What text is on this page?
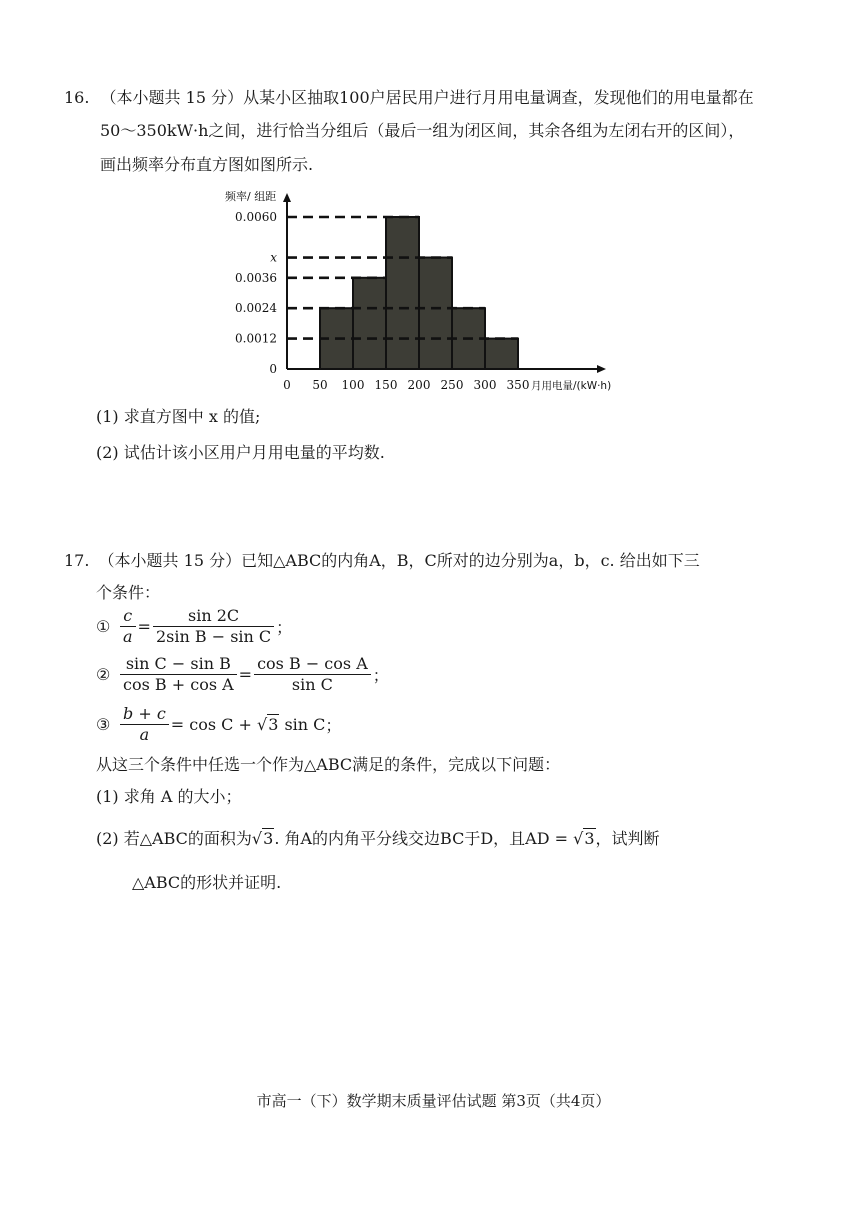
16. （本小题共 15 分）从某小区抽取100户居民用户进行月用电量调查，发现他们的用电量都在
50～350kW·h之间，进行恰当分组后（最后一组为闭区间，其余各组为左闭右开的区间），
画出频率分布直方图如图所示.
频率/ 组距
0.0060
x
0.0036
0.0024
0.0012
0
0 50 100 150 200 250 300 350 月用电量/(kW·h)
(1) 求直方图中 x 的值;
(2) 试估计该小区用户月用电量的平均数.
17. （本小题共 15 分）已知△ABC的内角A，B，C所对的边分别为a，b，c. 给出如下三
个条件：
① $\frac{c}{a} = \frac{\sin 2C}{\text{2sin B − sin C}}$ ；
② $\frac{\text{sin C − sin B}}{\text{cos B + cos A}} = \frac{\text{cos B − cos A}}{\text{sin C}}$ ；
③ $\frac{b + c}{a} = \cos C + √3$ sin C ；
从这三个条件中任选一个作为△ABC满足的条件，完成以下问题：
(1) 求角 A 的大小；
(2) 若△ABC的面积为√3. 角A的内角平分线交边BC于D，且AD = √3，试判断
△ABC的形状并证明.
市高一（下）数学期末质量评估试题 第3页（共4页）
